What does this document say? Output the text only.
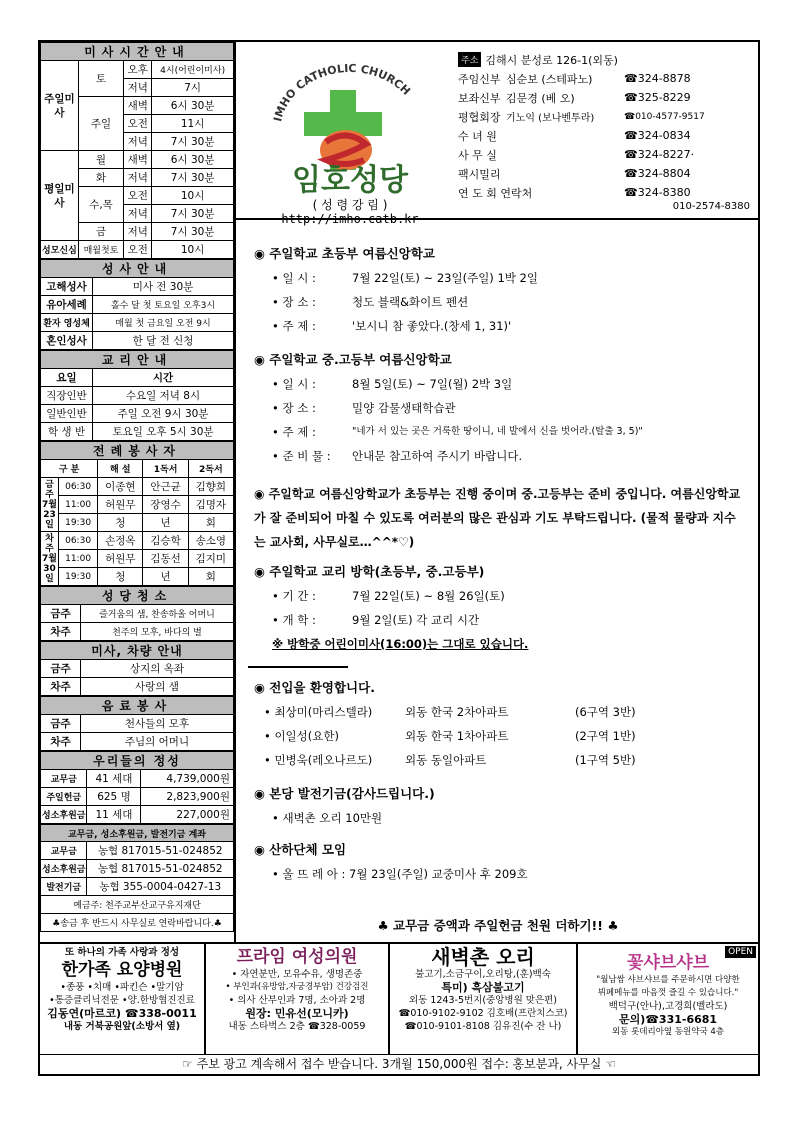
미사시간안내			
주일미사	토	오후	4시(어린이미사)
		저녁	7시
	주일	새벽	6시 30분
		오전	11시
		저녁	7시 30분
평일미사	월	새벽	6시 30분
	화	저녁	7시 30분
	수,목	오전	10시
		저녁	7시 30분
	금	저녁	7시 30분
성모신심	매월첫토	오전	10시
성사안내	
고해성사	미사 전 30분
유아세례	홀수 달 첫 토요일 오후3시
환자 영성체	매월 첫 금요일 오전 9시
혼인성사	한 달 전 신청
교리안내	
요일	시간
직장인반	수요일 저녁 8시
일반인반	주일 오전 9시 30분
학 생 반	토요일 오후 5시 30분
전례봉사자				
구 분		해 설	1독서	2독서
금주 7월 23일	06:30	이종현	안근균	김향희
	11:00	허원무	장영수	김명자
	19:30	청	년	회
차주 7월 30일	06:30	손정옥	김승학	송소영
	11:00	허원무	김동선	김지미
	19:30	청	년	회
성당청소	
금주	즐거움의 샘, 찬송하올 어머니
차주	천주의 모후, 바다의 별
미사, 차량 안내	
금주	상지의 옥좌
차주	사랑의 샘
음료봉사	
금주	천사들의 모후
차주	주님의 어머니
우리들의 정성		
교무금	41 세대	4,739,000원
주일헌금	625 명	2,823,900원
성소후원금	11 세대	227,000원
교무금, 성소후원금, 발전기금 계좌	
교무금	농협 817015-51-024852
성소후원금	농협 817015-51-024852
발전기금	농협 355-0004-0427-13
예금주: 천주교부산교구유지재단	
♣송금 후 반드시 사무실로 연락바랍니다.♣	
IMHO CATHOLIC CHURCH
임호성당
( 성 령 강 림 )
http://imho.catb.kr
주소 김해시 분성로 126-1(외동)
주임신부 심순보 (스테파노)	☎324-8878
보좌신부 김문경 (베 오)	☎325-8229
평협회장 기노익 (보나벤투라)	☎010-4577-9517
수 녀 원	☎324-0834
사 무 실	☎324-8227·
팩시밀리	☎324-8804
연 도 회 연락처	☎324-8380
010-2574-8380
◉ 주일학교 초등부 여름신앙학교
• 일 시 :	7월 22일(토) ~ 23일(주일) 1박 2일
• 장 소 :	청도 블랙&화이트 펜션
• 주 제 :	'보시니 참 좋았다.(창세 1, 31)'
◉ 주일학교 중.고등부 여름신앙학교
• 일 시 :	8월 5일(토) ~ 7일(월) 2박 3일
• 장 소 :	밀양 감물생태학습관
• 주 제 :	"네가 서 있는 곳은 거룩한 땅이니, 네 발에서 신을 벗어라.(탈출 3, 5)"
• 준 비 물 :	안내문 참고하여 주시기 바랍니다.
◉ 주일학교 여름신앙학교가 초등부는 진행 중이며 중.고등부는 준비 중입니다. 여름신앙학교가 잘 준비되어 마칠 수 있도록 여러분의 많은 관심과 기도 부탁드립니다. (물적 물량과 지수는 교사회, 사무실로…^^*♡)
◉ 주일학교 교리 방학(초등부, 중.고등부)
• 기 간 :	7월 22일(토) ~ 8월 26일(토)
• 개 학 :	9월 2일(토) 각 교리 시간
※ 방학중 어린이미사(16:00)는 그대로 있습니다.
◉ 전입을 환영합니다.
• 최상미(마리스텔라)	외동 한국 2차아파트	(6구역 3반)
• 이일성(요한)	외동 한국 1차아파트	(2구역 1반)
• 민병욱(레오나르도)	외동 동일아파트	(1구역 5반)
◉ 본당 발전기금(감사드립니다.)
• 새벽촌 오리 10만원
◉ 산하단체 모임
• 울 뜨 레 아 : 7월 23일(주일) 교중미사 후 209호
♣ 교무금 증액과 주일헌금 천원 더하기!! ♣
또 하나의 가족 사랑과 정성
한가족 요양병원
•종풍 •치매 •파킨슨 •말기암
•통증클리닉전문 •양.한방협진진료
김동연(마르코) ☎338-0011
내동 거북공원앞(소방서 옆)
프라임 여성의원
• 자연분만, 모유수유, 생명존중
• 부인과(유방암,자궁경부암) 건강검진
• 의사 산부인과 7명, 소아과 2명
원장: 민유선(모니카)
내동 스타벅스 2층 ☎328-0059
새벽촌 오리
불고기,소금구이,오리탕,(훈)백숙
특미) 흑삼불고기
외동 1243-5번지(중앙병원 맞은편)
☎010-9102-9102 김호배(프란치스코)
☎010-9101-8108 김유진(수 잔 나)
OPEN
꽃샤브샤브
"월남쌈 샤브샤브를 주문하시면 다양한
뷔페메뉴를 마음껏 즐길 수 있습니다."
백덕구(안나),고경희(벨라도)
문의)☎331-6681
외동 롯데리아옆 동원약국 4층
☞ 주보 광고 계속해서 접수 받습니다. 3개월 150,000원 접수: 홍보분과, 사무실 ☜
